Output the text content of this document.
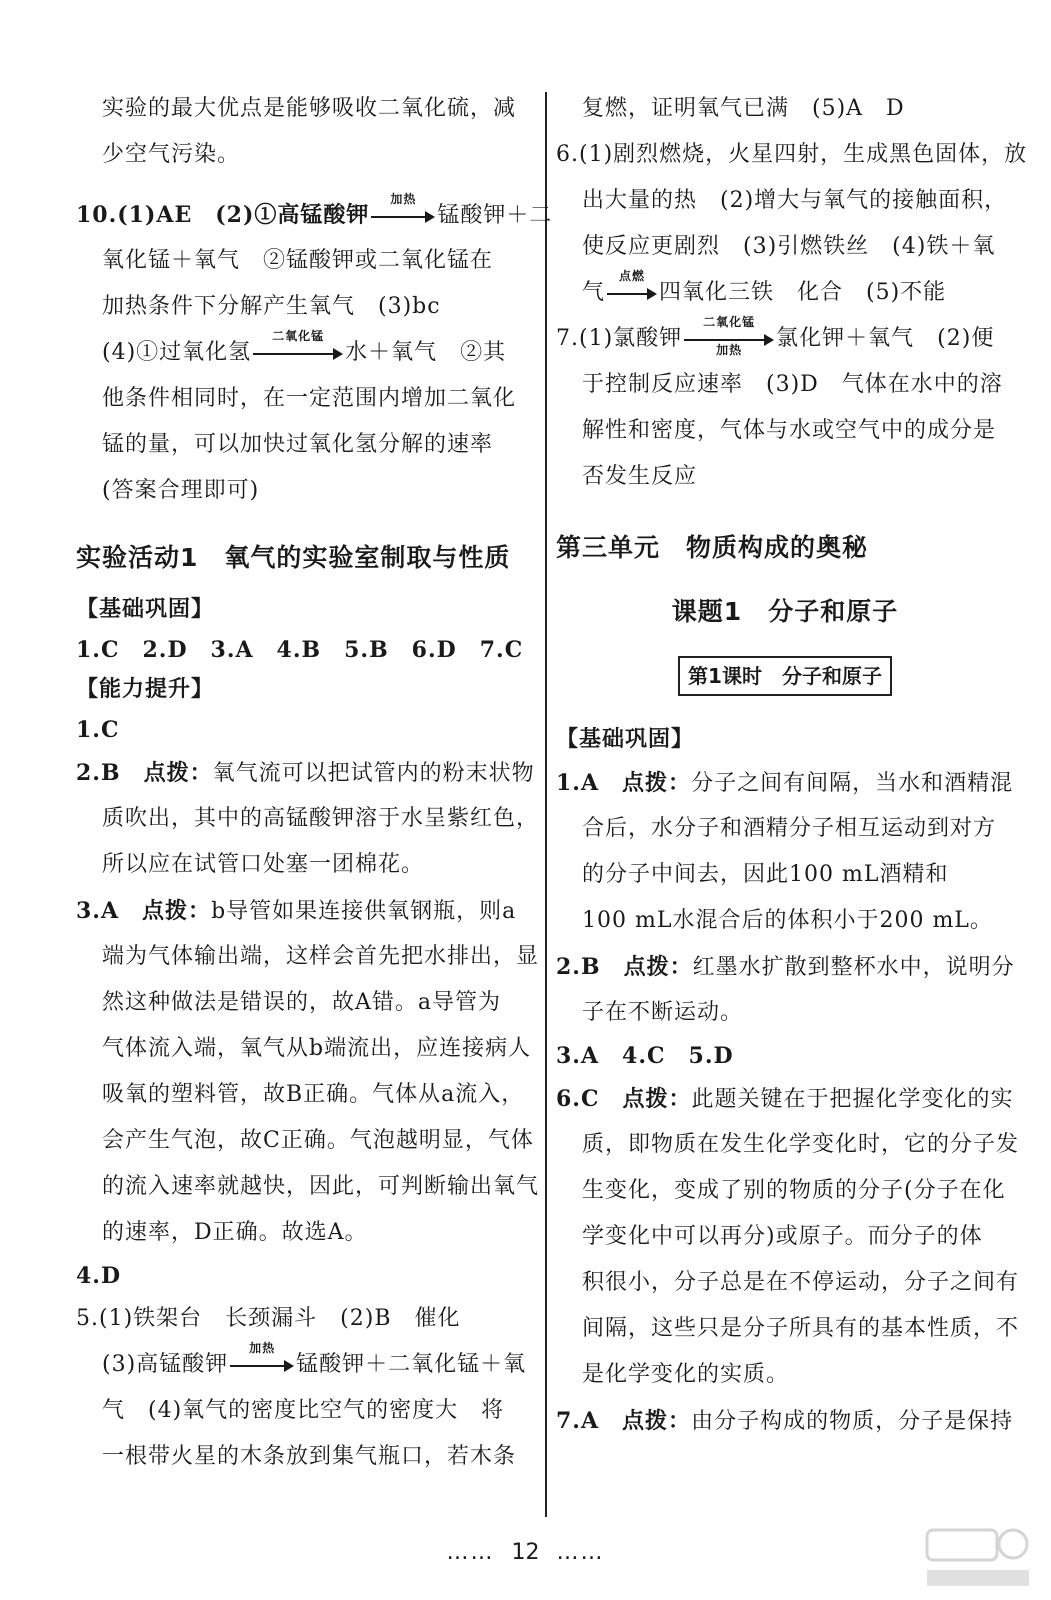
实验的最大优点是能够吸收二氧化硫，减
少空气污染。
10.(1)AE　(2)①高锰酸钾
加热
锰酸钾＋二
氧化锰＋氧气　②锰酸钾或二氧化锰在
加热条件下分解产生氧气　(3)bc
(4)①过氧化氢
二氧化锰
水＋氧气　②其
他条件相同时，在一定范围内增加二氧化
锰的量，可以加快过氧化氢分解的速率
(答案合理即可)
实验活动1　氧气的实验室制取与性质
【基础巩固】
1.C　2.D　3.A　4.B　5.B　6.D　7.C
【能力提升】
1.C
2.B　点拨：氧气流可以把试管内的粉末状物
质吹出，其中的高锰酸钾溶于水呈紫红色，
所以应在试管口处塞一团棉花。
3.A　点拨：b导管如果连接供氧钢瓶，则a
端为气体输出端，这样会首先把水排出，显
然这种做法是错误的，故A错。a导管为
气体流入端，氧气从b端流出，应连接病人
吸氧的塑料管，故B正确。气体从a流入，
会产生气泡，故C正确。气泡越明显，气体
的流入速率就越快，因此，可判断输出氧气
的速率，D正确。故选A。
4.D
5.(1)铁架台　长颈漏斗　(2)B　催化
(3)高锰酸钾
加热
锰酸钾＋二氧化锰＋氧
气　(4)氧气的密度比空气的密度大　将
一根带火星的木条放到集气瓶口，若木条
复燃，证明氧气已满　(5)A　D
6.(1)剧烈燃烧，火星四射，生成黑色固体，放
出大量的热　(2)增大与氧气的接触面积，
使反应更剧烈　(3)引燃铁丝　(4)铁＋氧
气
点燃
四氧化三铁　化合　(5)不能
7.(1)氯酸钾
二氧化锰
加热	氯化钾＋氧气　(2)便
于控制反应速率　(3)D　气体在水中的溶
解性和密度，气体与水或空气中的成分是
否发生反应
第三单元　物质构成的奥秘
课题1　分子和原子
第1课时　分子和原子
【基础巩固】
1.A　点拨：分子之间有间隔，当水和酒精混
合后，水分子和酒精分子相互运动到对方
的分子中间去，因此100 mL酒精和
100 mL水混合后的体积小于200 mL。
2.B　点拨：红墨水扩散到整杯水中，说明分
子在不断运动。
3.A　4.C　5.D
6.C　点拨：此题关键在于把握化学变化的实
质，即物质在发生化学变化时，它的分子发
生变化，变成了别的物质的分子(分子在化
学变化中可以再分)或原子。而分子的体
积很小，分子总是在不停运动，分子之间有
间隔，这些只是分子所具有的基本性质，不
是化学变化的实质。
7.A　点拨：由分子构成的物质，分子是保持
…… 12 ……
